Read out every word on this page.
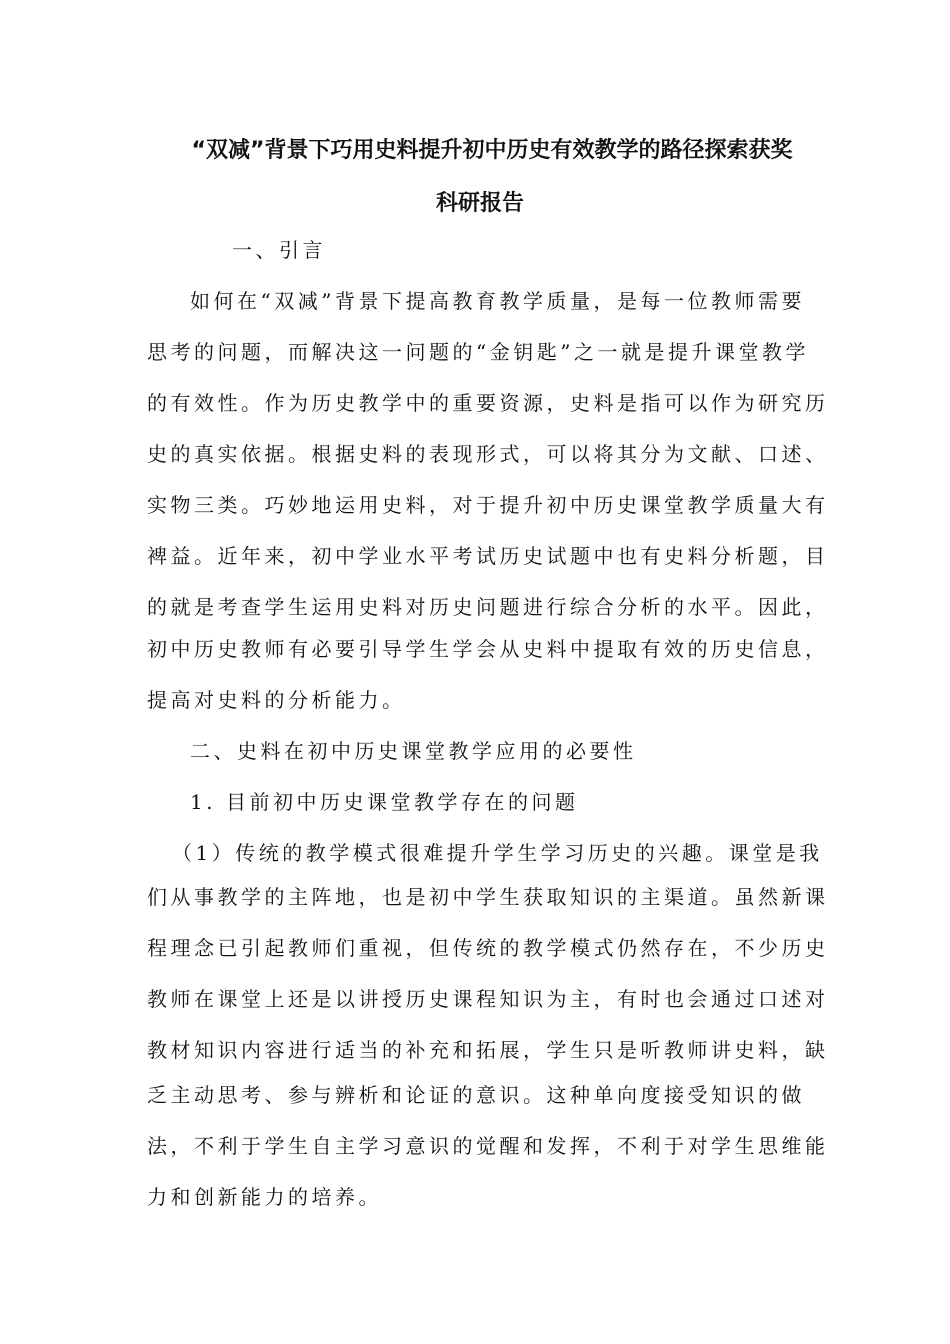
“双减”背景下巧用史料提升初中历史有效教学的路径探索获奖
科研报告
一、引言
如何在“双减”背景下提高教育教学质量，是每一位教师需要
思考的问题，而解决这一问题的“金钥匙”之一就是提升课堂教学
的有效性。作为历史教学中的重要资源，史料是指可以作为研究历
史的真实依据。根据史料的表现形式，可以将其分为文献、口述、
实物三类。巧妙地运用史料，对于提升初中历史课堂教学质量大有
裨益。近年来，初中学业水平考试历史试题中也有史料分析题，目
的就是考查学生运用史料对历史问题进行综合分析的水平。因此，
初中历史教师有必要引导学生学会从史料中提取有效的历史信息，
提高对史料的分析能力。
二、史料在初中历史课堂教学应用的必要性
1. 目前初中历史课堂教学存在的问题
（1）传统的教学模式很难提升学生学习历史的兴趣。课堂是我
们从事教学的主阵地，也是初中学生获取知识的主渠道。虽然新课
程理念已引起教师们重视，但传统的教学模式仍然存在，不少历史
教师在课堂上还是以讲授历史课程知识为主，有时也会通过口述对
教材知识内容进行适当的补充和拓展，学生只是听教师讲史料，缺
乏主动思考、参与辨析和论证的意识。这种单向度接受知识的做
法，不利于学生自主学习意识的觉醒和发挥，不利于对学生思维能
力和创新能力的培养。
